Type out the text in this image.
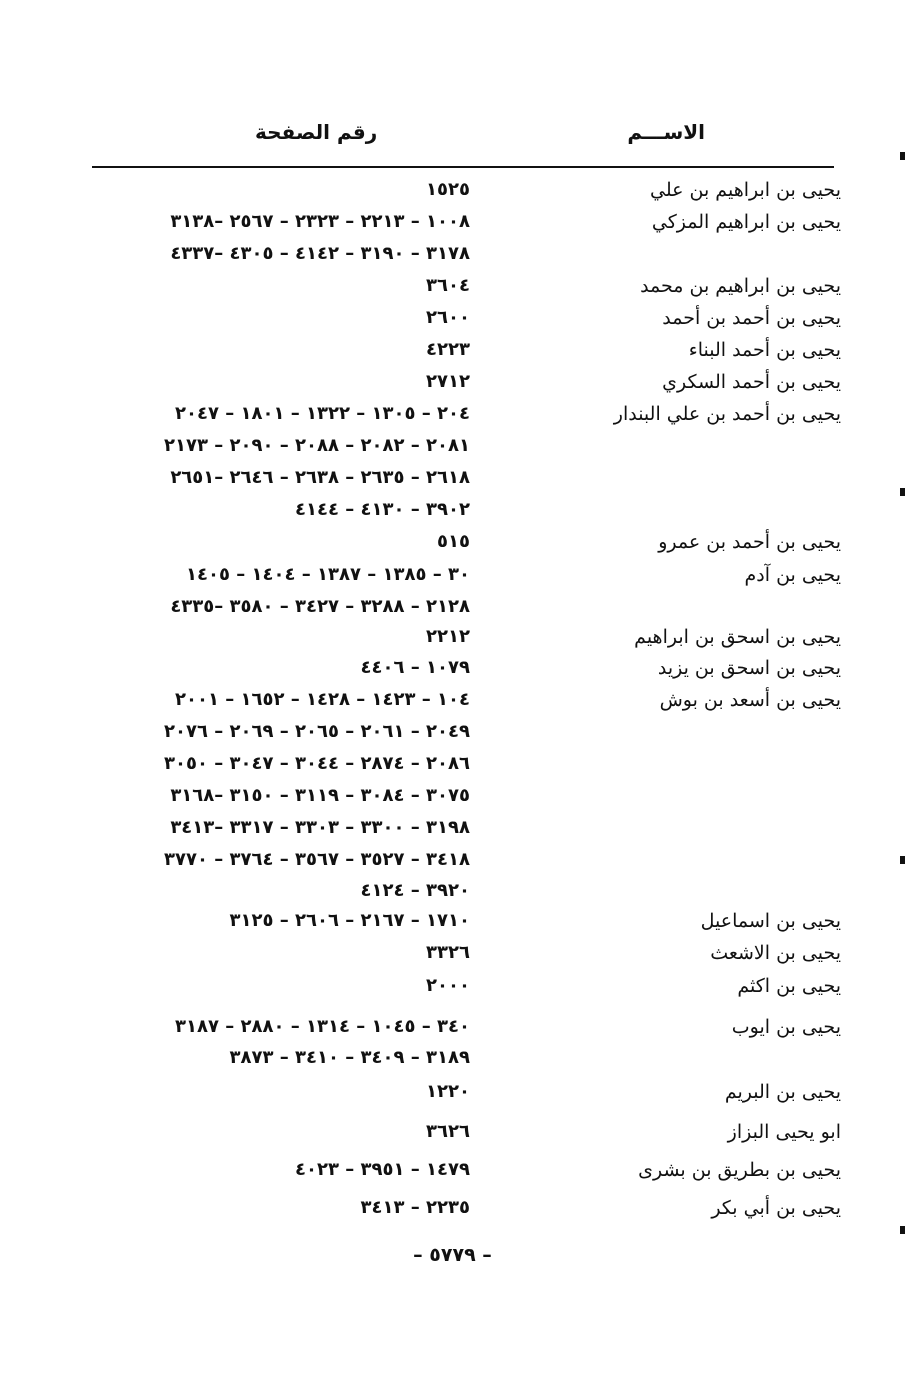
الاســـم
رقم الصفحة
يحيى بن ابراهيم بن علي
١٥٢٥
يحيى بن ابراهيم المزكي
١٠٠٨ – ٢٢١٣ – ٢٣٢٣ – ٢٥٦٧ –٣١٣٨
٣١٧٨ – ٣١٩٠ – ٤١٤٢ – ٤٣٠٥ –٤٣٣٧
يحيى بن ابراهيم بن محمد
٣٦٠٤
يحيى بن أحمد بن أحمد
٢٦٠٠
يحيى بن أحمد البناء
٤٢٢٣
يحيى بن أحمد السكري
٢٧١٢
يحيى بن أحمد بن علي البندار
٢٠٤ – ١٣٠٥ – ١٣٢٢ – ١٨٠١ – ٢٠٤٧
٢٠٨١ – ٢٠٨٢ – ٢٠٨٨ – ٢٠٩٠ – ٢١٧٣
٢٦١٨ – ٢٦٣٥ – ٢٦٣٨ – ٢٦٤٦ –٢٦٥١
٣٩٠٢ – ٤١٣٠ – ٤١٤٤
يحيى بن أحمد بن عمرو
٥١٥
يحيى بن آدم
٣٠ – ١٣٨٥ – ١٣٨٧ – ١٤٠٤ – ١٤٠٥
٢١٢٨ – ٣٢٨٨ – ٣٤٢٧ – ٣٥٨٠ –٤٣٣٥
يحيى بن اسحق بن ابراهيم
٢٢١٢
يحيى بن اسحق بن يزيد
١٠٧٩ – ٤٤٠٦
يحيى بن أسعد بن بوش
١٠٤ – ١٤٢٣ – ١٤٢٨ – ١٦٥٢ – ٢٠٠١
٢٠٤٩ – ٢٠٦١ – ٢٠٦٥ – ٢٠٦٩ – ٢٠٧٦
٢٠٨٦ – ٢٨٧٤ – ٣٠٤٤ – ٣٠٤٧ – ٣٠٥٠
٣٠٧٥ – ٣٠٨٤ – ٣١١٩ – ٣١٥٠ –٣١٦٨
٣١٩٨ – ٣٣٠٠ – ٣٣٠٣ – ٣٣١٧ –٣٤١٣
٣٤١٨ – ٣٥٢٧ – ٣٥٦٧ – ٣٧٦٤ – ٣٧٧٠
٣٩٢٠ – ٤١٢٤
يحيى بن اسماعيل
١٧١٠ – ٢١٦٧ – ٢٦٠٦ – ٣١٢٥
يحيى بن الاشعث
٣٣٢٦
يحيى بن اكثم
٢٠٠٠
يحيى بن ايوب
٣٤٠ – ١٠٤٥ – ١٣١٤ – ٢٨٨٠ – ٣١٨٧
٣١٨٩ – ٣٤٠٩ – ٣٤١٠ – ٣٨٧٣
يحيى بن البريم
١٢٢٠
ابو يحيى البزاز
٣٦٢٦
يحيى بن بطريق بن بشرى
١٤٧٩ – ٣٩٥١ – ٤٠٢٣
يحيى بن أبي بكر
٢٢٣٥ – ٣٤١٣
– ٥٧٧٩ –
